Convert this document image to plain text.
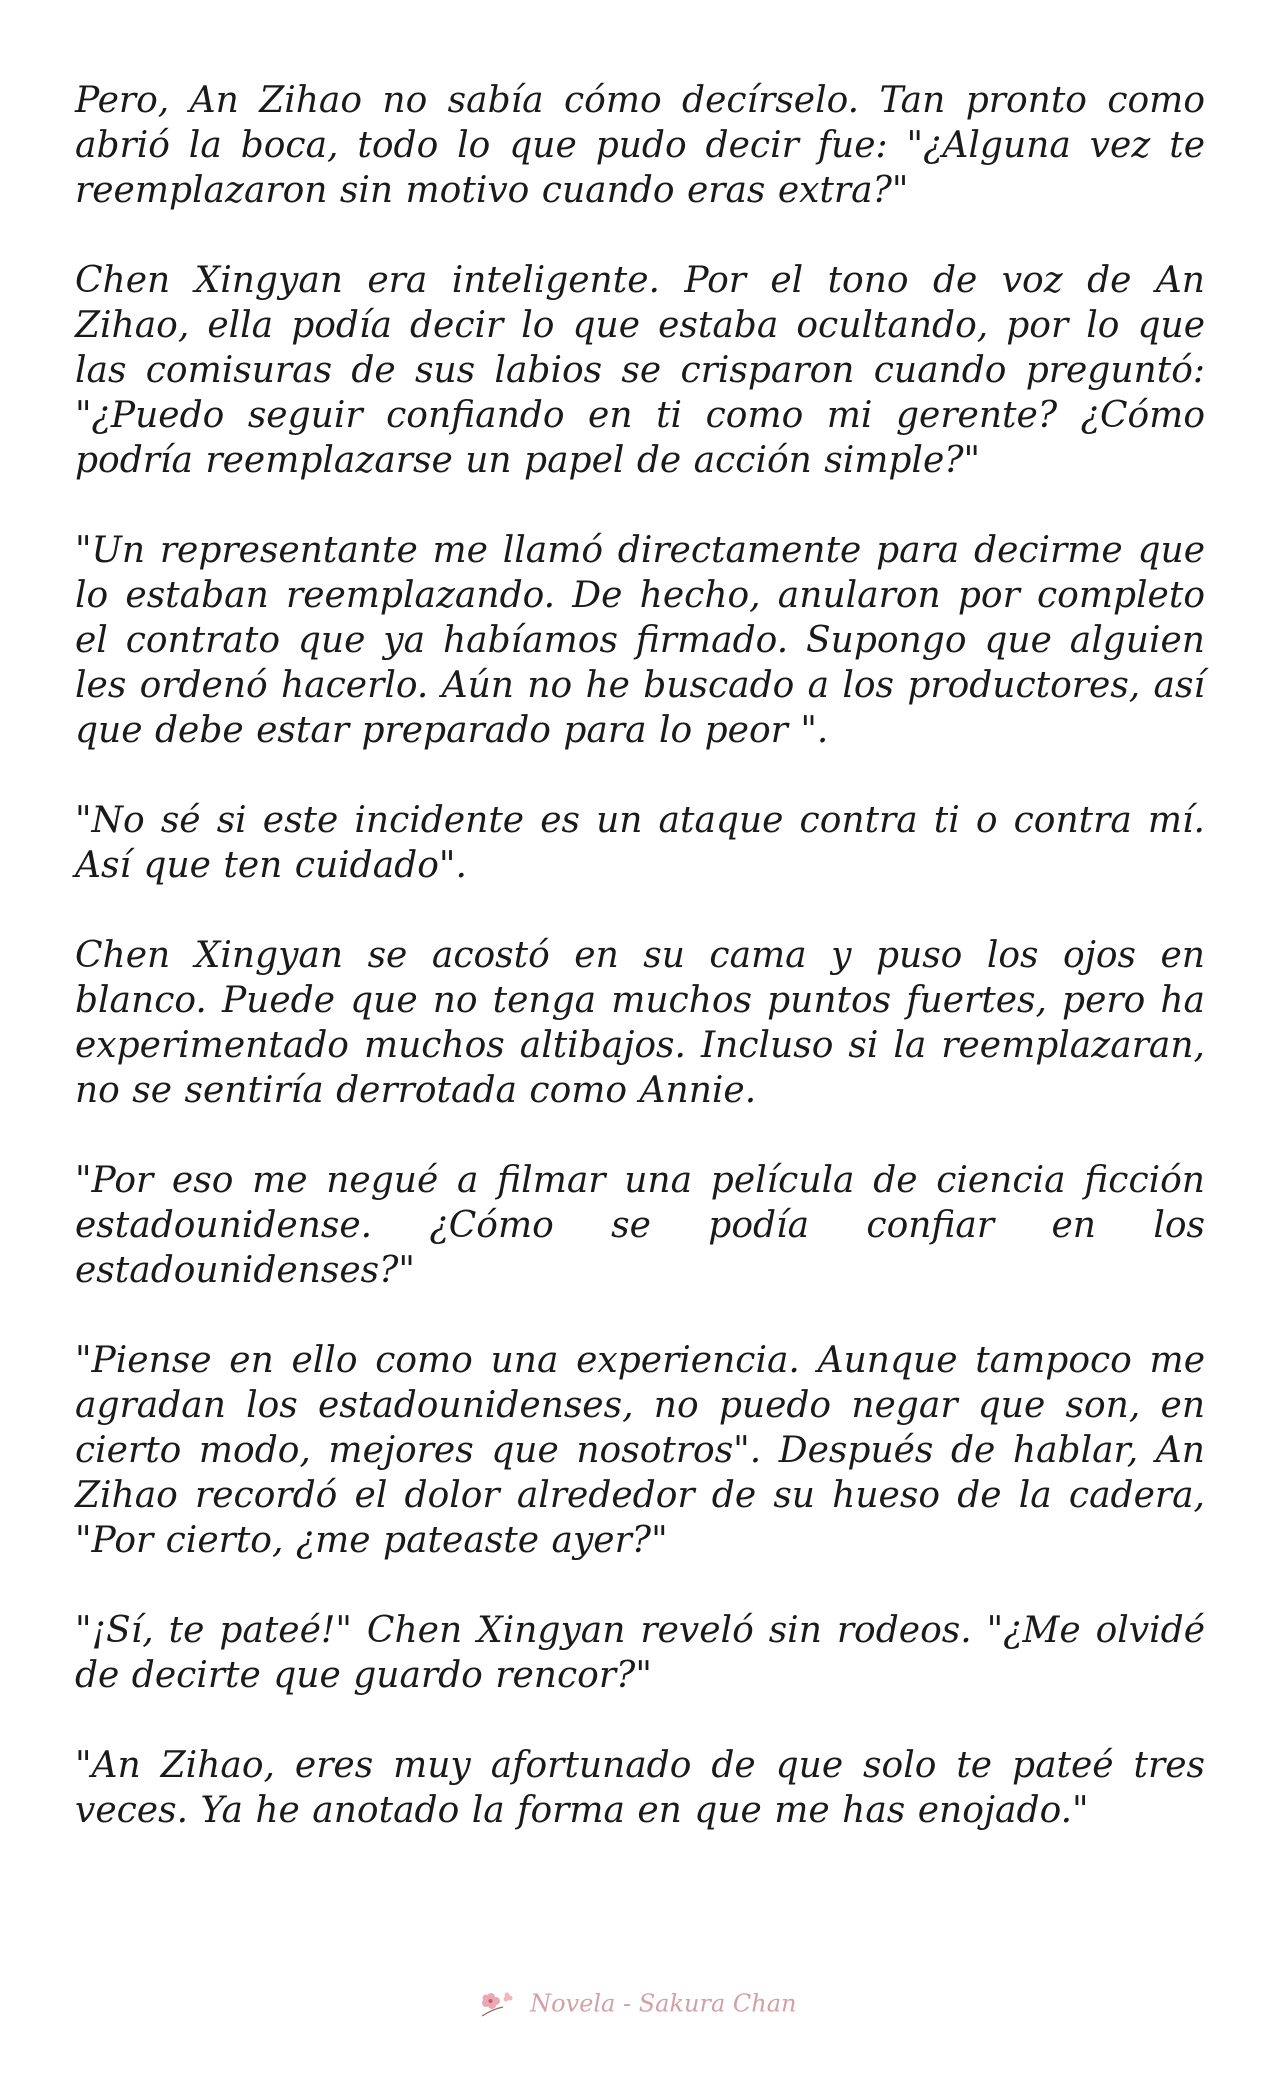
Pero, An Zihao no sabía cómo decírselo. Tan pronto como abrió la boca, todo lo que pudo decir fue: "¿Alguna vez te reemplazaron sin motivo cuando eras extra?"

Chen Xingyan era inteligente. Por el tono de voz de An Zihao, ella podía decir lo que estaba ocultando, por lo que las comisuras de sus labios se crisparon cuando preguntó: "¿Puedo seguir confiando en ti como mi gerente? ¿Cómo podría reemplazarse un papel de acción simple?"

"Un representante me llamó directamente para decirme que lo estaban reemplazando. De hecho, anularon por completo el contrato que ya habíamos firmado. Supongo que alguien les ordenó hacerlo. Aún no he buscado a los productores, así que debe estar preparado para lo peor ".

"No sé si este incidente es un ataque contra ti o contra mí. Así que ten cuidado".

Chen Xingyan se acostó en su cama y puso los ojos en blanco. Puede que no tenga muchos puntos fuertes, pero ha experimentado muchos altibajos. Incluso si la reemplazaran, no se sentiría derrotada como Annie.

"Por eso me negué a filmar una película de ciencia ficción estadounidense. ¿Cómo se podía confiar en los estadounidenses?"

"Piense en ello como una experiencia. Aunque tampoco me agradan los estadounidenses, no puedo negar que son, en cierto modo, mejores que nosotros". Después de hablar, An Zihao recordó el dolor alrededor de su hueso de la cadera, "Por cierto, ¿me pateaste ayer?"

"¡Sí, te pateé!" Chen Xingyan reveló sin rodeos. "¿Me olvidé de decirte que guardo rencor?"

"An Zihao, eres muy afortunado de que solo te pateé tres veces. Ya he anotado la forma en que me has enojado."

Novela - Sakura Chan
